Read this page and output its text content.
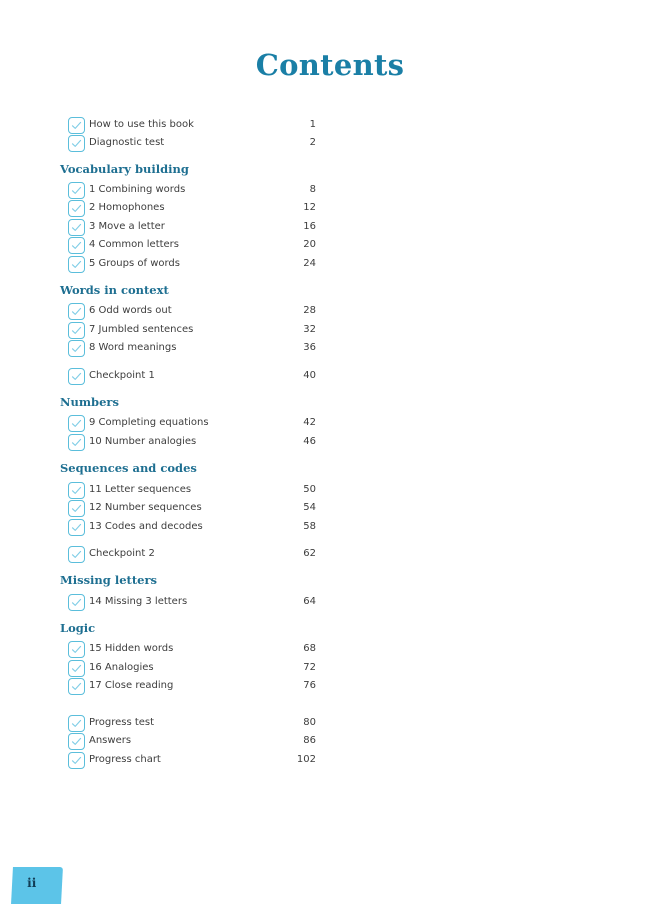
Contents
How to use this book	1
Diagnostic test	2
Vocabulary building
1 Combining words	8
2 Homophones	12
3 Move a letter	16
4 Common letters	20
5 Groups of words	24
Words in context
6 Odd words out	28
7 Jumbled sentences	32
8 Word meanings	36
Checkpoint 1	40
Numbers
9 Completing equations	42
10 Number analogies	46
Sequences and codes
11 Letter sequences	50
12 Number sequences	54
13 Codes and decodes	58
Checkpoint 2	62
Missing letters
14 Missing 3 letters	64
Logic
15 Hidden words	68
16 Analogies	72
17 Close reading	76
Progress test	80
Answers	86
Progress chart	102
ii
